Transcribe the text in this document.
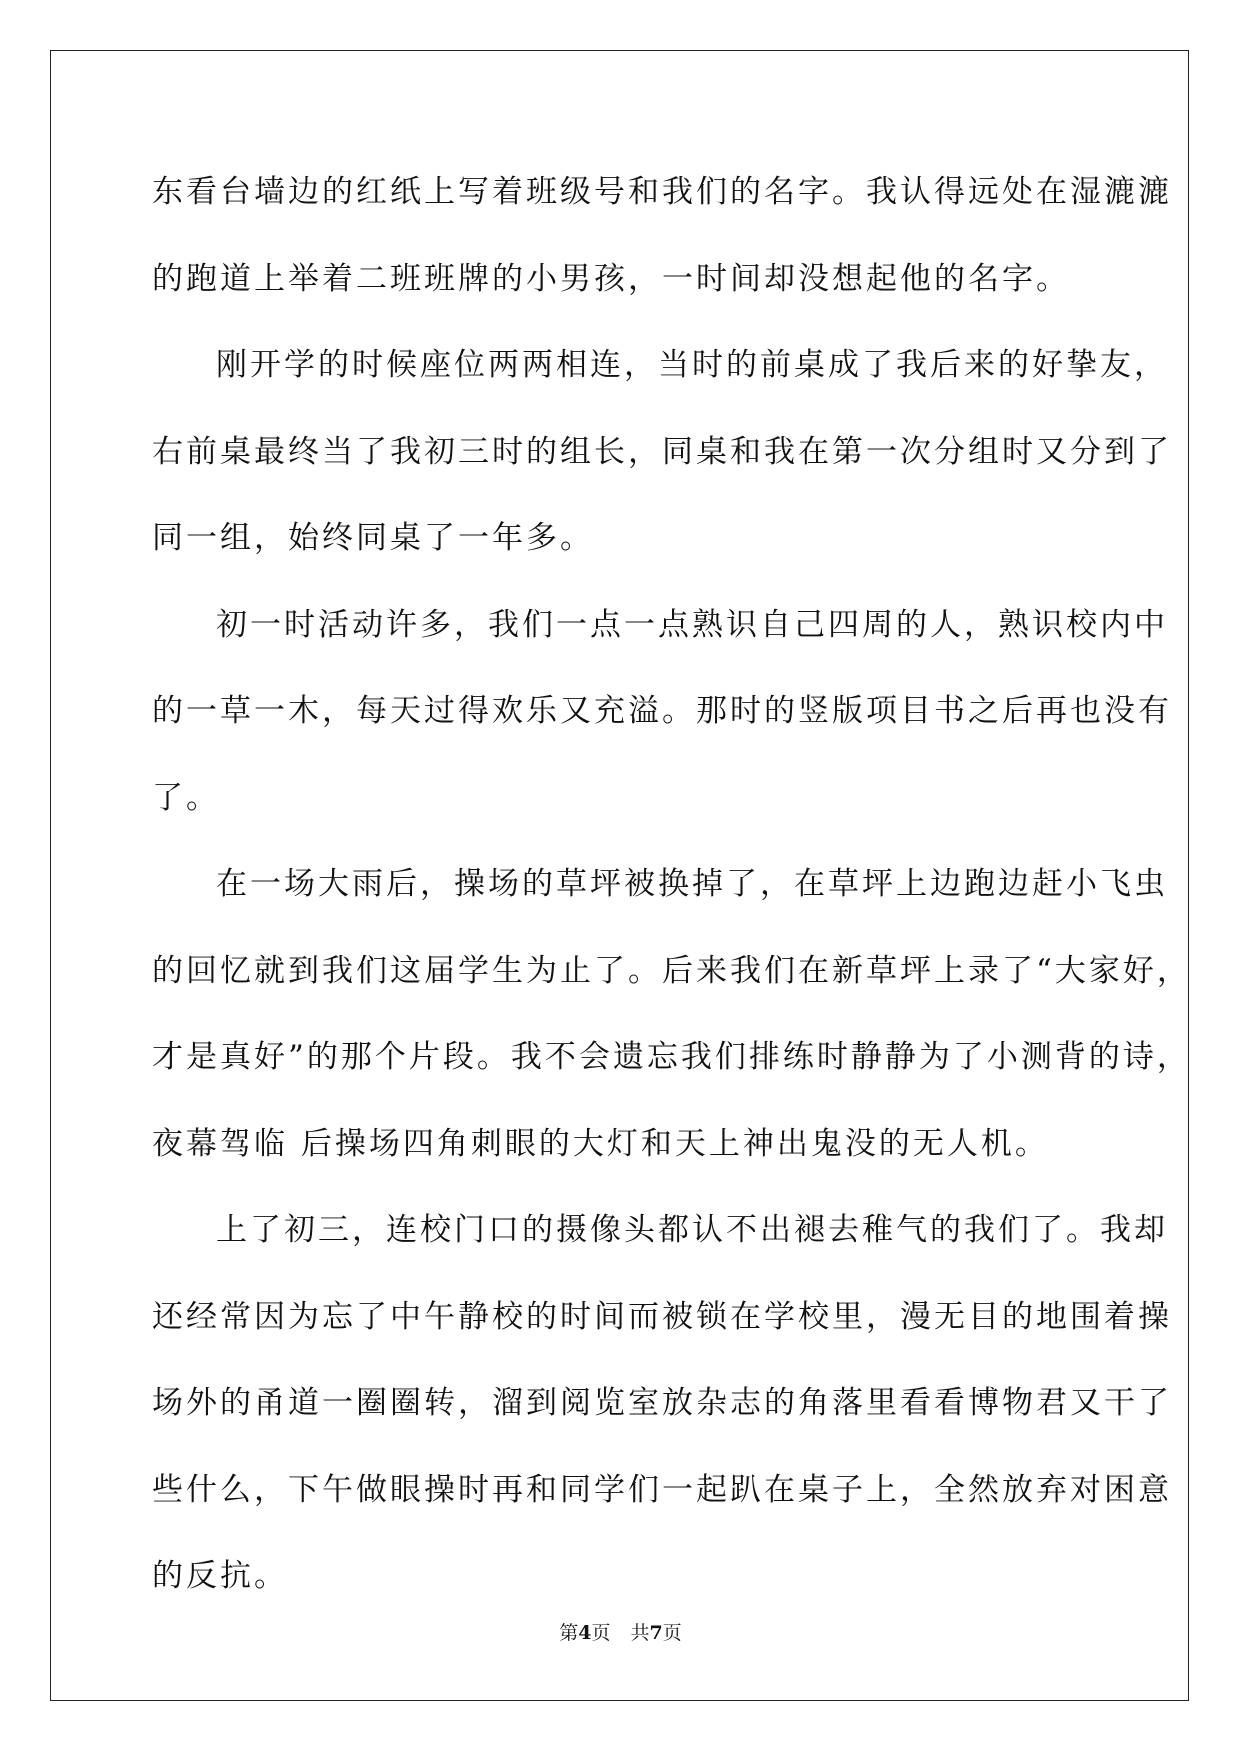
东看台墙边的红纸上写着班级号和我们的名字。我认得远处在湿漉漉
的跑道上举着二班班牌的小男孩，一时间却没想起他的名字。
刚开学的时候座位两两相连，当时的前桌成了我后来的好挚友，
右前桌最终当了我初三时的组长，同桌和我在第一次分组时又分到了
同一组，始终同桌了一年多。
初一时活动许多，我们一点一点熟识自己四周的人，熟识校内中
的一草一木，每天过得欢乐又充溢。那时的竖版项目书之后再也没有
了。
在一场大雨后，操场的草坪被换掉了，在草坪上边跑边赶小飞虫
的回忆就到我们这届学生为止了。后来我们在新草坪上录了“大家好，
才是真好”的那个片段。我不会遗忘我们排练时静静为了小测背的诗，
夜幕驾临 后操场四角刺眼的大灯和天上神出鬼没的无人机。
上了初三，连校门口的摄像头都认不出褪去稚气的我们了。我却
还经常因为忘了中午静校的时间而被锁在学校里，漫无目的地围着操
场外的甬道一圈圈转，溜到阅览室放杂志的角落里看看博物君又干了
些什么，下午做眼操时再和同学们一起趴在桌子上，全然放弃对困意
的反抗。
第4页 共7页
